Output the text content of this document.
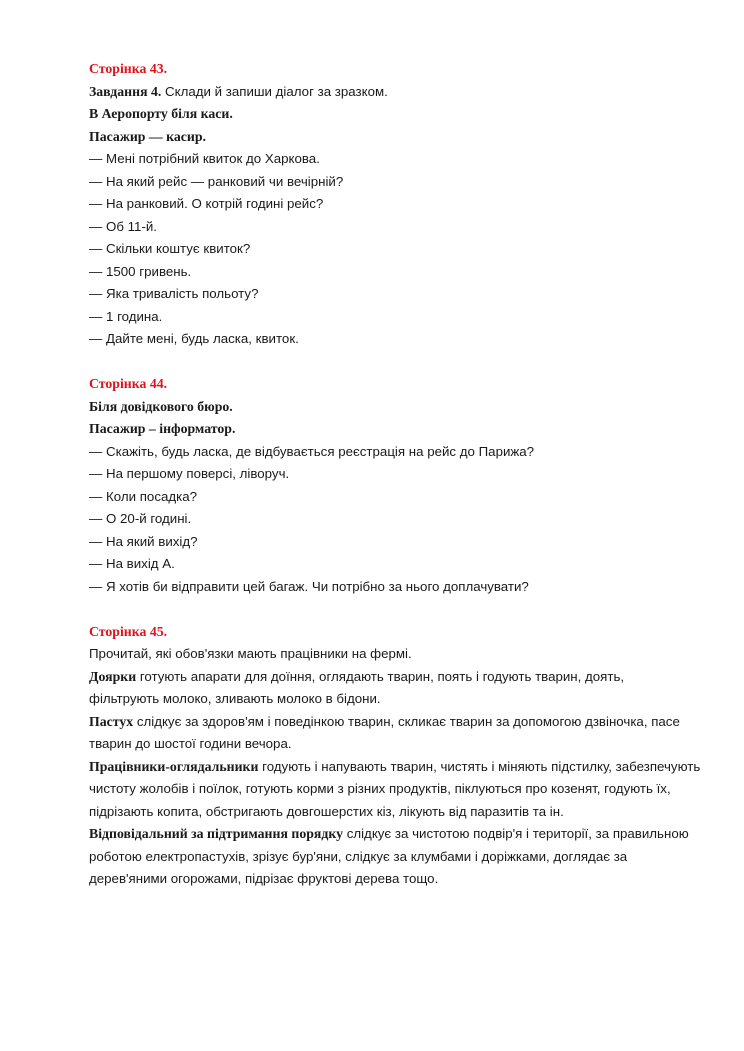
Сторінка 43.
Завдання 4. Склади й запиши діалог за зразком.
В Аеропорту біля каси.
Пасажир — касир.
— Мені потрібний квиток до Харкова.
— На який рейс — ранковий чи вечірній?
— На ранковий. О котрій годині рейс?
— Об 11-й.
— Скільки коштує квиток?
— 1500 гривень.
— Яка тривалість польоту?
— 1 година.
— Дайте мені, будь ласка, квиток.
Сторінка 44.
Біля довідкового бюро.
Пасажир – інформатор.
— Скажіть, будь ласка, де відбувається реєстрація на рейс до Парижа?
— На першому поверсі, ліворуч.
— Коли посадка?
— О 20-й годині.
— На який вихід?
— На вихід А.
— Я хотів би відправити цей багаж. Чи потрібно за нього доплачувати?
Сторінка 45.
Прочитай, які обов'язки мають працівники на фермі.
Доярки готують апарати для доїння, оглядають тварин, поять і годують тварин, доять,
фільтрують молоко, зливають молоко в бідони.
Пастух слідкує за здоров'ям і поведінкою тварин, скликає тварин за допомогою дзвіночка, пасе
тварин до шостої години вечора.
Працівники-оглядальники годують і напувають тварин, чистять і міняють підстилку, забезпечують
чистоту жолобів і поїлок, готують корми з різних продуктів, піклуються про козенят, годують їх,
підрізають копита, обстригають довгошерстих кіз, лікують від паразитів та ін.
Відповідальний за підтримання порядку слідкує за чистотою подвір'я і території, за правильною
роботою електропастухів, зрізує бур'яни, слідкує за клумбами і доріжками, доглядає за
дерев'яними огорожами, підрізає фруктові дерева тощо.
